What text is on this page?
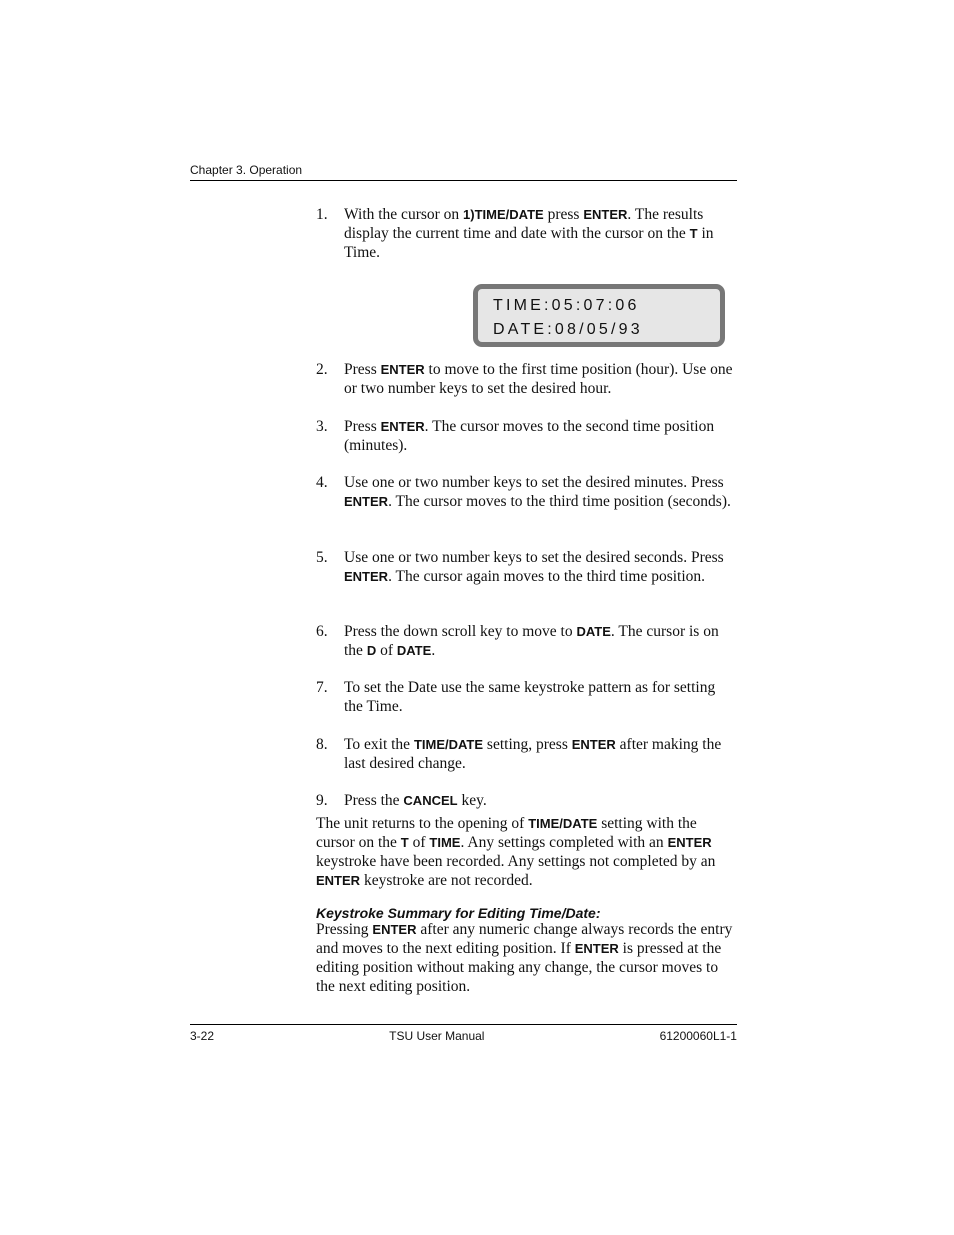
Chapter 3. Operation
1. With the cursor on 1)TIME/DATE press ENTER. The results display the current time and date with the cursor on the T in Time.
TIME:05:07:06
DATE:08/05/93
2. Press ENTER to move to the first time position (hour). Use one or two number keys to set the desired hour.
3. Press ENTER. The cursor moves to the second time position (minutes).
4. Use one or two number keys to set the desired minutes. Press ENTER. The cursor moves to the third time position (seconds).
5. Use one or two number keys to set the desired seconds. Press ENTER. The cursor again moves to the third time position.
6. Press the down scroll key to move to DATE. The cursor is on the D of DATE.
7. To set the Date use the same keystroke pattern as for setting the Time.
8. To exit the TIME/DATE setting, press ENTER after making the last desired change.
9. Press the CANCEL key.
The unit returns to the opening of TIME/DATE setting with the cursor on the T of TIME. Any settings completed with an ENTER keystroke have been recorded. Any settings not completed by an ENTER keystroke are not recorded.
Keystroke Summary for Editing Time/Date:
Pressing ENTER after any numeric change always records the entry and moves to the next editing position. If ENTER is pressed at the editing position without making any change, the cursor moves to the next editing position.
3-22	TSU User Manual	61200060L1-1
